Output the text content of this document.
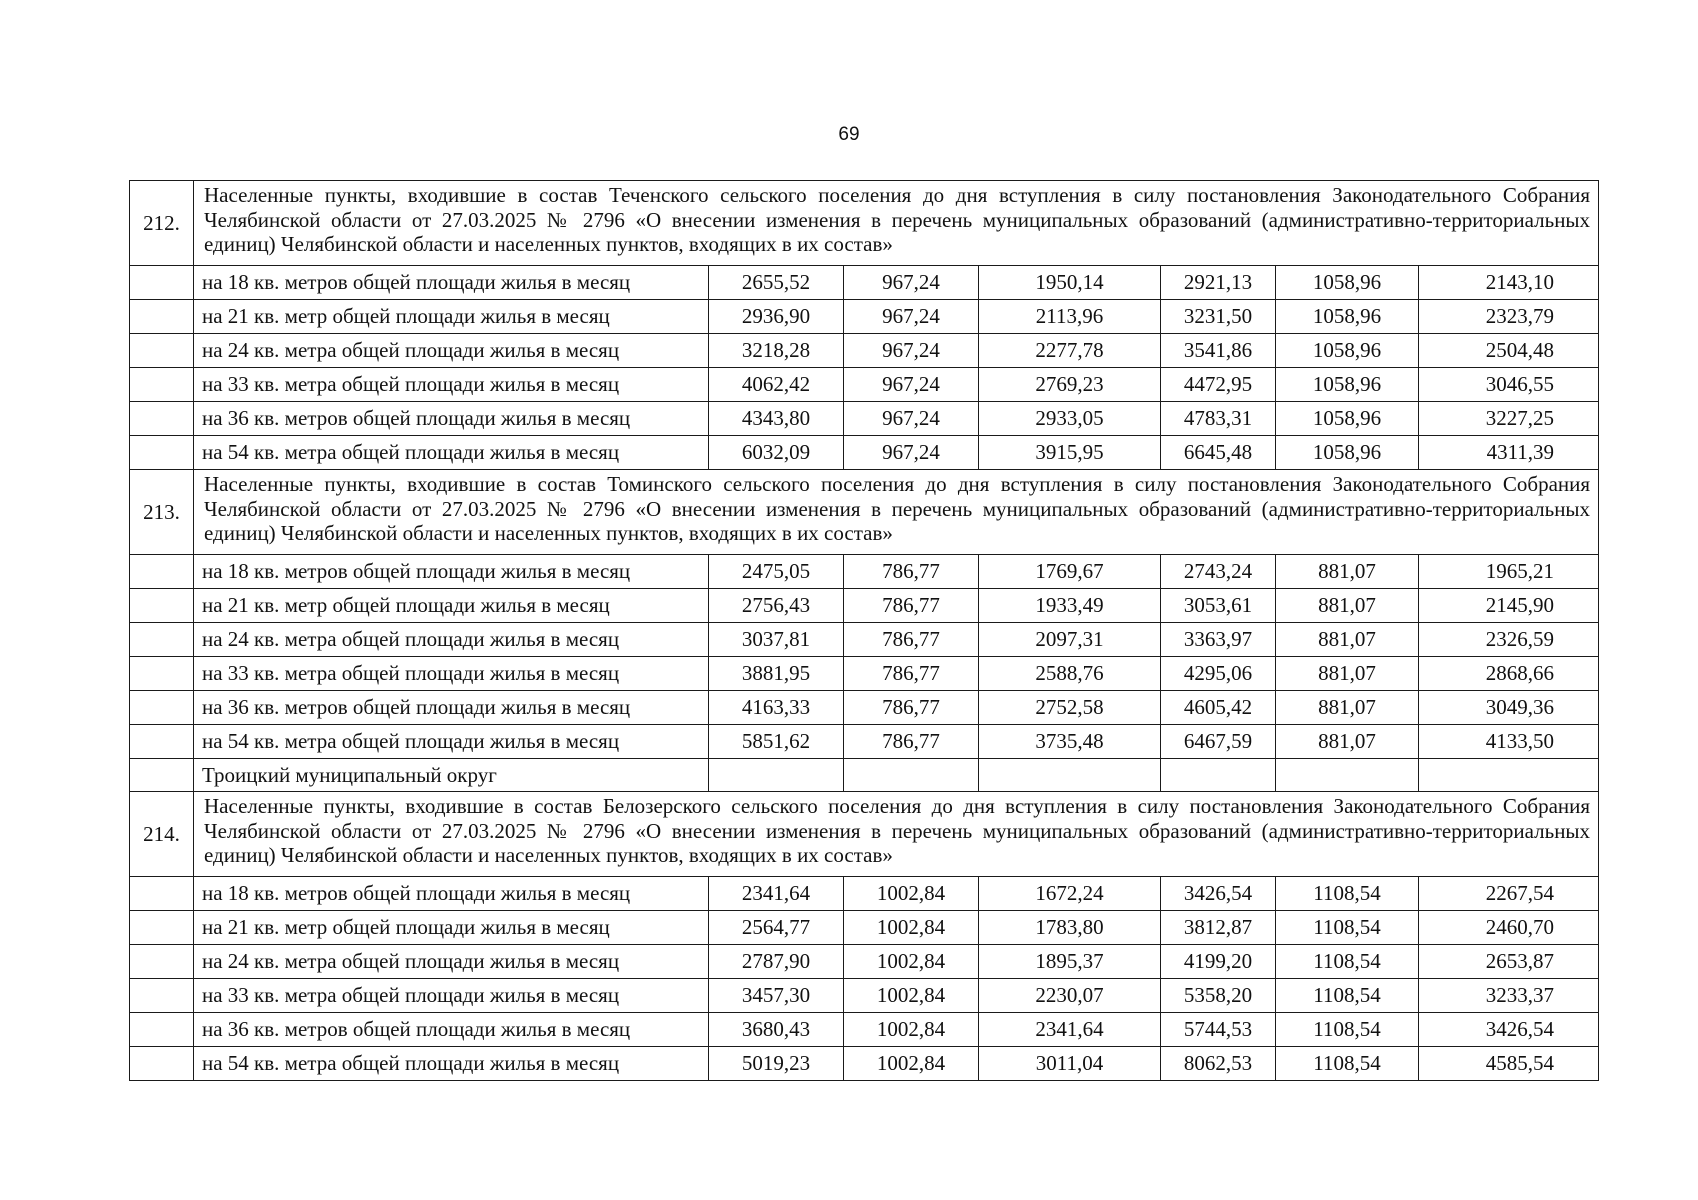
69
212.	Населенные пункты, входившие в состав Теченского сельского поселения до дня вступления в силу постановления Законодательного Собрания Челябинской области от 27.03.2025 № 2796 «О внесении изменения в перечень муниципальных образований (административно-территориальных единиц) Челябинской области и населенных пунктов, входящих в их состав»						
	на 18 кв. метров общей площади жилья в месяц	2655,52	967,24	1950,14	2921,13	1058,96	2143,10
	на 21 кв. метр общей площади жилья в месяц	2936,90	967,24	2113,96	3231,50	1058,96	2323,79
	на 24 кв. метра общей площади жилья в месяц	3218,28	967,24	2277,78	3541,86	1058,96	2504,48
	на 33 кв. метра общей площади жилья в месяц	4062,42	967,24	2769,23	4472,95	1058,96	3046,55
	на 36 кв. метров общей площади жилья в месяц	4343,80	967,24	2933,05	4783,31	1058,96	3227,25
	на 54 кв. метра общей площади жилья в месяц	6032,09	967,24	3915,95	6645,48	1058,96	4311,39
213.	Населенные пункты, входившие в состав Томинского сельского поселения до дня вступления в силу постановления Законодательного Собрания Челябинской области от 27.03.2025 № 2796 «О внесении изменения в перечень муниципальных образований (административно-территориальных единиц) Челябинской области и населенных пунктов, входящих в их состав»						
	на 18 кв. метров общей площади жилья в месяц	2475,05	786,77	1769,67	2743,24	881,07	1965,21
	на 21 кв. метр общей площади жилья в месяц	2756,43	786,77	1933,49	3053,61	881,07	2145,90
	на 24 кв. метра общей площади жилья в месяц	3037,81	786,77	2097,31	3363,97	881,07	2326,59
	на 33 кв. метра общей площади жилья в месяц	3881,95	786,77	2588,76	4295,06	881,07	2868,66
	на 36 кв. метров общей площади жилья в месяц	4163,33	786,77	2752,58	4605,42	881,07	3049,36
	на 54 кв. метра общей площади жилья в месяц	5851,62	786,77	3735,48	6467,59	881,07	4133,50
	Троицкий муниципальный округ						
214.	Населенные пункты, входившие в состав Белозерского сельского поселения до дня вступления в силу постановления Законодательного Собрания Челябинской области от 27.03.2025 № 2796 «О внесении изменения в перечень муниципальных образований (административно-территориальных единиц) Челябинской области и населенных пунктов, входящих в их состав»						
	на 18 кв. метров общей площади жилья в месяц	2341,64	1002,84	1672,24	3426,54	1108,54	2267,54
	на 21 кв. метр общей площади жилья в месяц	2564,77	1002,84	1783,80	3812,87	1108,54	2460,70
	на 24 кв. метра общей площади жилья в месяц	2787,90	1002,84	1895,37	4199,20	1108,54	2653,87
	на 33 кв. метра общей площади жилья в месяц	3457,30	1002,84	2230,07	5358,20	1108,54	3233,37
	на 36 кв. метров общей площади жилья в месяц	3680,43	1002,84	2341,64	5744,53	1108,54	3426,54
	на 54 кв. метра общей площади жилья в месяц	5019,23	1002,84	3011,04	8062,53	1108,54	4585,54
